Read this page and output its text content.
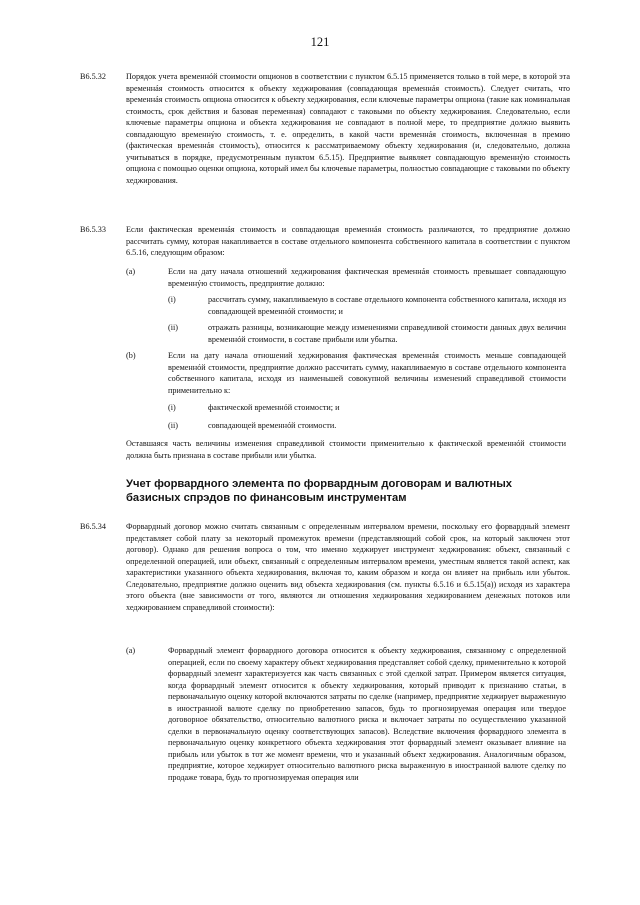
121
B6.5.32	Порядок учета временнóй стоимости опционов в соответствии с пунктом 6.5.15 применяется только в той мере, в которой эта временнáя стоимость относится к объекту хеджирования (совпадающая временнáя стоимость). Следует считать, что временнáя стоимость опциона относится к объекту хеджирования, если ключевые параметры опциона (такие как номинальная стоимость, срок действия и базовая переменная) совпадают с таковыми по объекту хеджирования. Следовательно, если ключевые параметры опциона и объекта хеджирования не совпадают в полной мере, то предприятие должно выявить совпадающую временнýю стоимость, т. е. определить, в какой части временнáя стоимость, включенная в премию (фактическая временнáя стоимость), относится к рассматриваемому объекту хеджирования (и, следовательно, должна учитываться в порядке, предусмотренным пунктом 6.5.15). Предприятие выявляет совпадающую временнýю стоимость опциона с помощью оценки опциона, который имел бы ключевые параметры, полностью совпадающие с таковыми по объекту хеджирования.
B6.5.33	Если фактическая временнáя стоимость и совпадающая временнáя стоимость различаются, то предприятие должно рассчитать сумму, которая накапливается в составе отдельного компонента собственного капитала в соответствии с пунктом 6.5.16, следующим образом:
(a)	Если на дату начала отношений хеджирования фактическая временнáя стоимость превышает совпадающую временнýю стоимость, предприятие должно:
(i)	рассчитать сумму, накапливаемую в составе отдельного компонента собственного капитала, исходя из совпадающей временнóй стоимости; и
(ii)	отражать разницы, возникающие между изменениями справедливой стоимости данных двух величин временнóй стоимости, в составе прибыли или убытка.
(b)	Если на дату начала отношений хеджирования фактическая временнáя стоимость меньше совпадающей временнóй стоимости, предприятие должно рассчитать сумму, накапливаемую в составе отдельного компонента собственного капитала, исходя из наименьшей совокупной величины изменений справедливой стоимости применительно к:
(i)	фактической временнóй стоимости; и
(ii)	совпадающей временнóй стоимости.
Оставшаяся часть величины изменения справедливой стоимости применительно к фактической временнóй стоимости должна быть признана в составе прибыли или убытка.
Учет форвардного элемента по форвардным договорам и валютных базисных спрэдов по финансовым инструментам
B6.5.34	Форвардный договор можно считать связанным с определенным интервалом времени, поскольку его форвардный элемент представляет собой плату за некоторый промежуток времени (представляющий собой срок, на который заключен этот договор). Однако для решения вопроса о том, что именно хеджирует инструмент хеджирования: объект, связанный с определенной операцией, или объект, связанный с определенным интервалом времени, уместным является такой аспект, как характеристики указанного объекта хеджирования, включая то, каким образом и когда он влияет на прибыль или убыток. Следовательно, предприятие должно оценить вид объекта хеджирования (см. пункты 6.5.16 и 6.5.15(a)) исходя из характера этого объекта (вне зависимости от того, являются ли отношения хеджирования хеджированием денежных потоков или хеджированием справедливой стоимости):
(a)	Форвардный элемент форвардного договора относится к объекту хеджирования, связанному с определенной операцией, если по своему характеру объект хеджирования представляет собой сделку, применительно к которой форвардный элемент характеризуется как часть связанных с этой сделкой затрат. Примером является ситуация, когда форвардный элемент относится к объекту хеджирования, который приводит к признанию статьи, в первоначальную оценку которой включаются затраты по сделке (например, предприятие хеджирует выраженную в иностранной валюте сделку по приобретению запасов, будь то прогнозируемая операция или твердое договорное обязательство, относительно валютного риска и включает затраты по осуществлению указанной сделки в первоначальную оценку соответствующих запасов). Вследствие включения форвардного элемента в первоначальную оценку конкретного объекта хеджирования этот форвардный элемент оказывает влияние на прибыль или убыток в тот же момент времени, что и указанный объект хеджирования. Аналогичным образом, предприятие, которое хеджирует относительно валютного риска выраженную в иностранной валюте сделку по продаже товара, будь то прогнозируемая операция или
